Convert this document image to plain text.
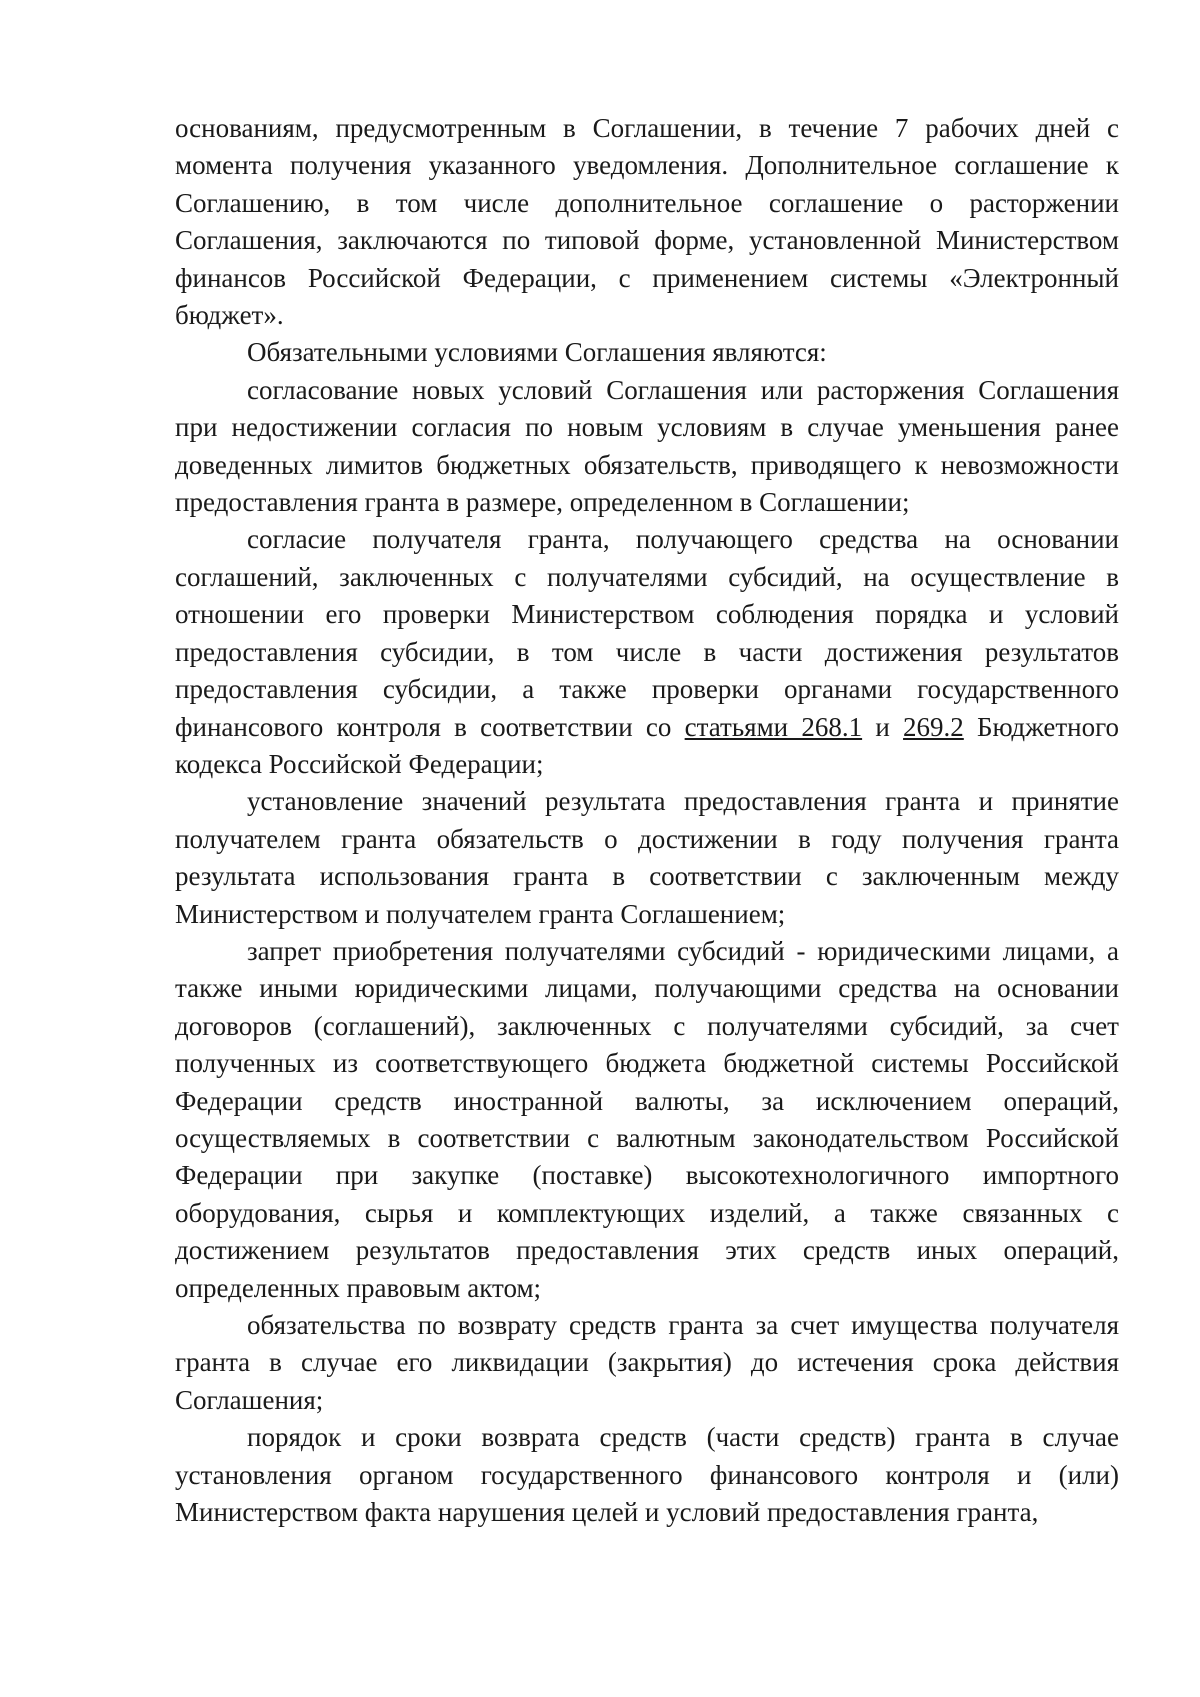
основаниям, предусмотренным в Соглашении, в течение 7 рабочих дней с момента получения указанного уведомления. Дополнительное соглашение к Соглашению, в том числе дополнительное соглашение о расторжении Соглашения, заключаются по типовой форме, установленной Министерством финансов Российской Федерации, с применением системы «Электронный бюджет».

Обязательными условиями Соглашения являются:

согласование новых условий Соглашения или расторжения Соглашения при недостижении согласия по новым условиям в случае уменьшения ранее доведенных лимитов бюджетных обязательств, приводящего к невозможности предоставления гранта в размере, определенном в Соглашении;

согласие получателя гранта, получающего средства на основании соглашений, заключенных с получателями субсидий, на осуществление в отношении его проверки Министерством соблюдения порядка и условий предоставления субсидии, в том числе в части достижения результатов предоставления субсидии, а также проверки органами государственного финансового контроля в соответствии со статьями 268.1 и 269.2 Бюджетного кодекса Российской Федерации;

установление значений результата предоставления гранта и принятие получателем гранта обязательств о достижении в году получения гранта результата использования гранта в соответствии с заключенным между Министерством и получателем гранта Соглашением;

запрет приобретения получателями субсидий - юридическими лицами, а также иными юридическими лицами, получающими средства на основании договоров (соглашений), заключенных с получателями субсидий, за счет полученных из соответствующего бюджета бюджетной системы Российской Федерации средств иностранной валюты, за исключением операций, осуществляемых в соответствии с валютным законодательством Российской Федерации при закупке (поставке) высокотехнологичного импортного оборудования, сырья и комплектующих изделий, а также связанных с достижением результатов предоставления этих средств иных операций, определенных правовым актом;

обязательства по возврату средств гранта за счет имущества получателя гранта в случае его ликвидации (закрытия) до истечения срока действия Соглашения;

порядок и сроки возврата средств (части средств) гранта в случае установления органом государственного финансового контроля и (или) Министерством факта нарушения целей и условий предоставления гранта,
